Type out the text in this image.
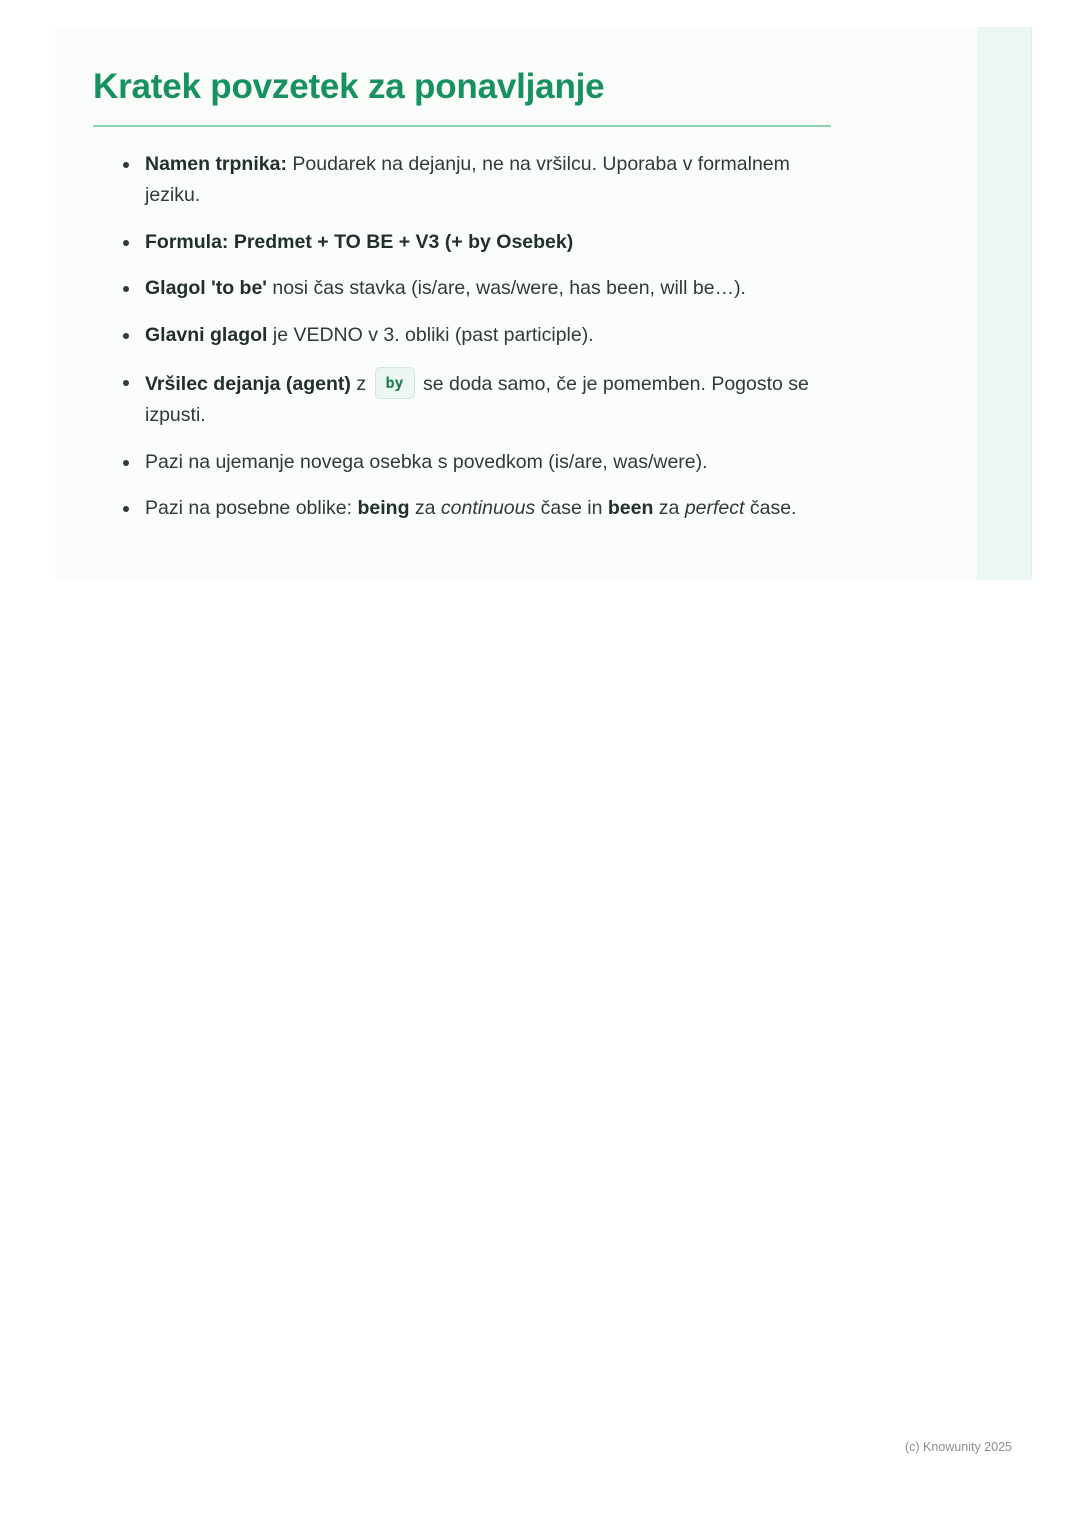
Kratek povzetek za ponavljanje
Namen trpnika: Poudarek na dejanju, ne na vršilcu. Uporaba v formalnem jeziku.
Formula: Predmet + TO BE + V3 (+ by Osebek)
Glagol 'to be' nosi čas stavka (is/are, was/were, has been, will be…).
Glavni glagol je VEDNO v 3. obliki (past participle).
Vršilec dejanja (agent) z by se doda samo, če je pomemben. Pogosto se izpusti.
Pazi na ujemanje novega osebka s povedkom (is/are, was/were).
Pazi na posebne oblike: being za continuous čase in been za perfect čase.
(c) Knowunity 2025
